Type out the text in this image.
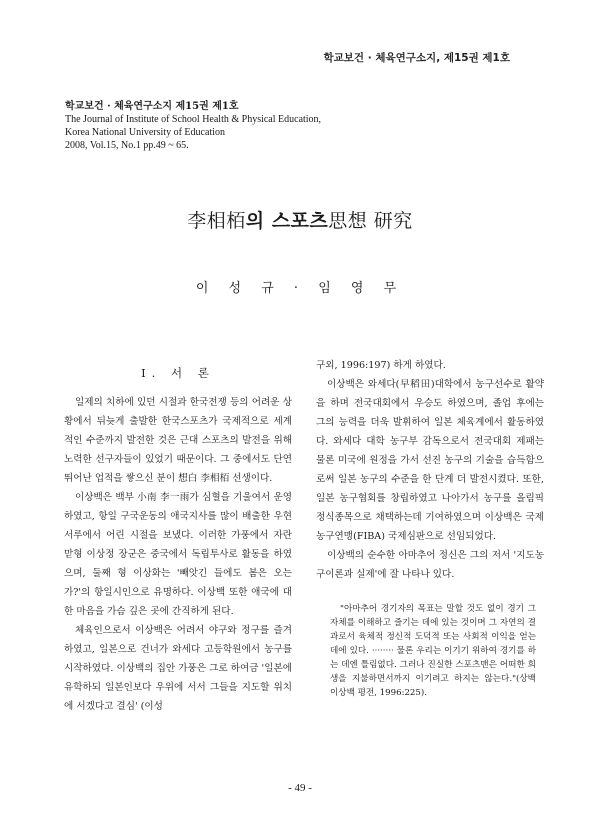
학교보건 · 체육연구소지, 제15권 제1호
학교보건 · 체육연구소지 제15권 제1호
The Journal of Institute of School Health & Physical Education,
Korea National University of Education
2008, Vol.15, No.1 pp.49 ~ 65.
李相栢의 스포츠思想 研究
이 성 규 · 임 영 무
Ⅰ. 서 론

일제의 치하에 있던 시절과 한국전쟁 등의 어려운 상황에서 뒤늦게 출발한 한국스포츠가 국제적으로 세계적인 수준까지 발전한 것은 근대 스포츠의 발전을 위해 노력한 선구자들이 있었기 때문이다. 그 중에서도 단연 뛰어난 업적을 쌓으신 분이 想白 李相栢 선생이다.

이상백은 백부 小南 李一雨가 심혈을 기울여서 운영하였고, 항일 구국운동의 애국지사를 많이 배출한 우현서루에서 어린 시절을 보냈다. 이러한 가풍에서 자란 맏형 이상정 장군은 중국에서 독립투사로 활동을 하였으며, 둘째 형 이상화는 '빼앗긴 들에도 봄은 오는가?'의 항일시인으로 유명하다. 이상백 또한 애국에 대한 마음을 가슴 깊은 곳에 간직하게 된다.

체육인으로서 이상백은 어려서 야구와 정구를 즐겨하였고, 일본으로 건너가 와세다 고등학원에서 농구를 시작하였다. 이상백의 집안 가풍은 그로 하여금 '일본에 유학하되 일본인보다 우위에 서서 그들을 지도할 위치에 서겠다고 결심' (이성

구외, 1996:197) 하게 하였다.

이상백은 와세다(早稻田)대학에서 농구선수로 활약을 하며 전국대회에서 우승도 하였으며, 졸업 후에는 그의 능력을 더욱 발휘하여 일본 체육계에서 활동하였다. 와세다 대학 농구부 감독으로서 전국대회 제패는 물론 미국에 원정을 가서 선진 농구의 기술을 습득함으로써 일본 농구의 수준을 한 단계 더 발전시켰다. 또한, 일본 농구협회를 창립하였고 나아가서 농구를 올림픽 정식종목으로 채택하는데 기여하였으며 이상백은 국제농구연맹(FIBA) 국제심판으로 선임되었다.

이상백의 순수한 아마추어 정신은 그의 저서 '지도농구이론과 실제'에 잘 나타나 있다.

"아마추어 경기자의 목표는 말할 것도 없이 경기 그 자체를 이해하고 즐기는 데에 있는 것이며 그 자연의 결과로서 육체적 정신적 도덕적 또는 사회적 이익을 얻는 데에 있다. ········ 물론 우리는 이기기 위하여 경기를 하는 데엔 틀림없다. 그러나 진실한 스포츠맨은 어떠한 희생을 지불하면서까지 이기려고 하지는 않는다."(상백 이상백 평전, 1996:225).
- 49 -
